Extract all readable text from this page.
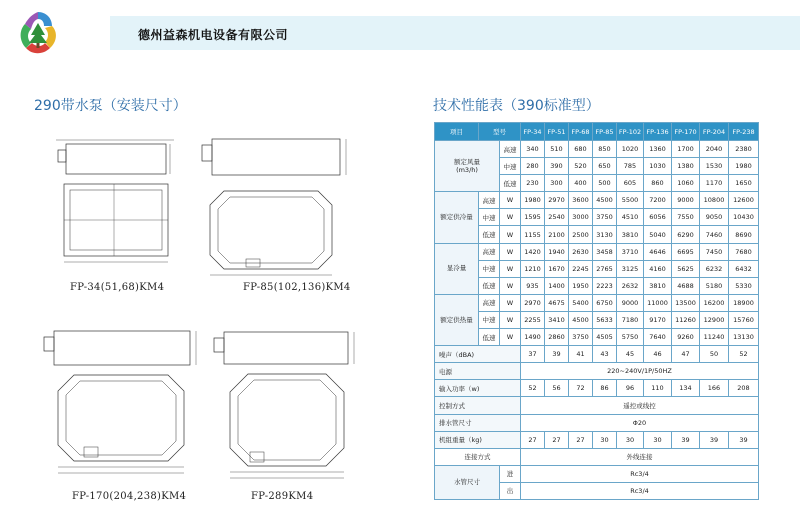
德州益森机电设备有限公司
290带水泵（安装尺寸）	技术性能表（390标准型）
FP-34(51,68)KM4	FP-85(102,136)KM4
FP-170(204,238)KM4	FP-289KM4
项目	型号		FP-34	FP-51	FP-68	FP-85	FP-102	FP-136	FP-170	FP-204	FP-238
额定风量
(m3/h)		高速	340	510	680	850	1020	1360	1700	2040	2380
		中速	280	390	520	650	785	1030	1380	1530	1980
		低速	230	300	400	500	605	860	1060	1170	1650
额定供冷量	高速	W	1980	2970	3600	4500	5500	7200	9000	10800	12600
	中速	W	1595	2540	3000	3750	4510	6056	7550	9050	10430
	低速	W	1155	2100	2500	3130	3810	5040	6290	7460	8690
显冷量	高速	W	1420	1940	2630	3458	3710	4646	6695	7450	7680
	中速	W	1210	1670	2245	2765	3125	4160	5625	6232	6432
	低速	W	935	1400	1950	2223	2632	3810	4688	5180	5330
额定供热量	高速	W	2970	4675	5400	6750	9000	11000	13500	16200	18900
	中速	W	2255	3410	4500	5633	7180	9170	11260	12900	15760
	低速	W	1490	2860	3750	4505	5750	7640	9260	11240	13130
噪声（dBA)			37	39	41	43	45	46	47	50	52
电源			220~240V/1P/50HZ								
输入功率（w)			52	56	72	86	96	110	134	166	208
控制方式			遥控或线控								
排水管尺寸			Φ20								
机组重量（kg)			27	27	27	30	30	30	39	39	39
连接方式			外线连接								
水管尺寸		进	Rc3/4								
		出	Rc3/4								
